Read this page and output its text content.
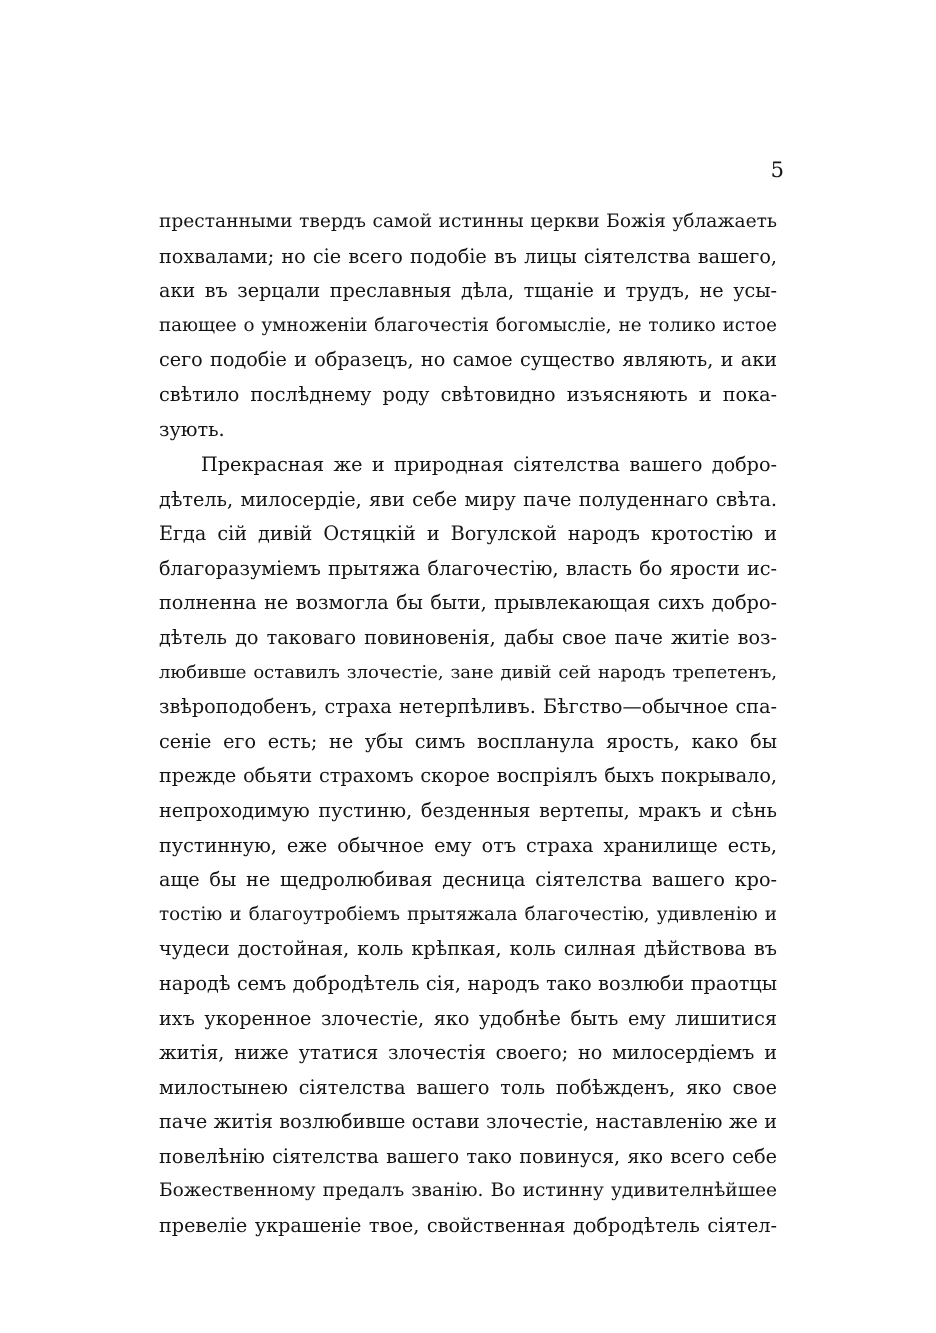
5
престанными твердъ самой истинны церкви Божія ублажаеть
похвалами; но сіе всего подобіе въ лицы сіятелства вашего,
аки въ зерцали преславныя дѣла, тщаніе и трудъ, не усы-
пающее о умноженіи благочестія богомысліе, не толико истое
сего подобіе и образецъ, но самое существо являють, и аки
свѣтило послѣднему роду свѣтовидно изъясняють и пока-
зують.
Прекрасная же и природная сіятелства вашего добро-
дѣтель, милосердіе, яви себе миру паче полуденнаго свѣта.
Егда сій дивій Остяцкій и Вогулской народъ кротостію и
благоразуміемъ прытяжа благочестію, власть бо ярости ис-
полненна не возмогла бы быти, прывлекающая сихъ добро-
дѣтель до таковаго повиновенія, дабы свое паче житіе воз-
любивше оставилъ злочестіе, зане дивій сей народъ трепетенъ,
звѣроподобенъ, страха нетерпѣливъ. Бѣгство—обычное спа-
сеніе его есть; не убы симъ воспланула ярость, како бы
прежде обьяти страхомъ скорое воспріялъ быхъ покрывало,
непроходимую пустиню, безденныя вертепы, мракъ и сѣнь
пустинную, еже обычное ему отъ страха хранилище есть,
аще бы не щедролюбивая десница сіятелства вашего кро-
тостію и благоутробіемъ прытяжала благочестію, удивленію и
чудеси достойная, коль крѣпкая, коль силная дѣйствова въ
народѣ семъ добродѣтель сія, народъ тако возлюби праотцы
ихъ укоренное злочестіе, яко удобнѣе быть ему лишитися
житія, ниже утатися злочестія своего; но милосердіемъ и
милостынею сіятелства вашего толь побѣжденъ, яко свое
паче житія возлюбивше остави злочестіе, наставленію же и
повелѣнію сіятелства вашего тако повинуся, яко всего себе
Божественному предалъ званію. Во истинну удивителнѣйшее
превеліе украшеніе твое, свойственная добродѣтель сіятел-
